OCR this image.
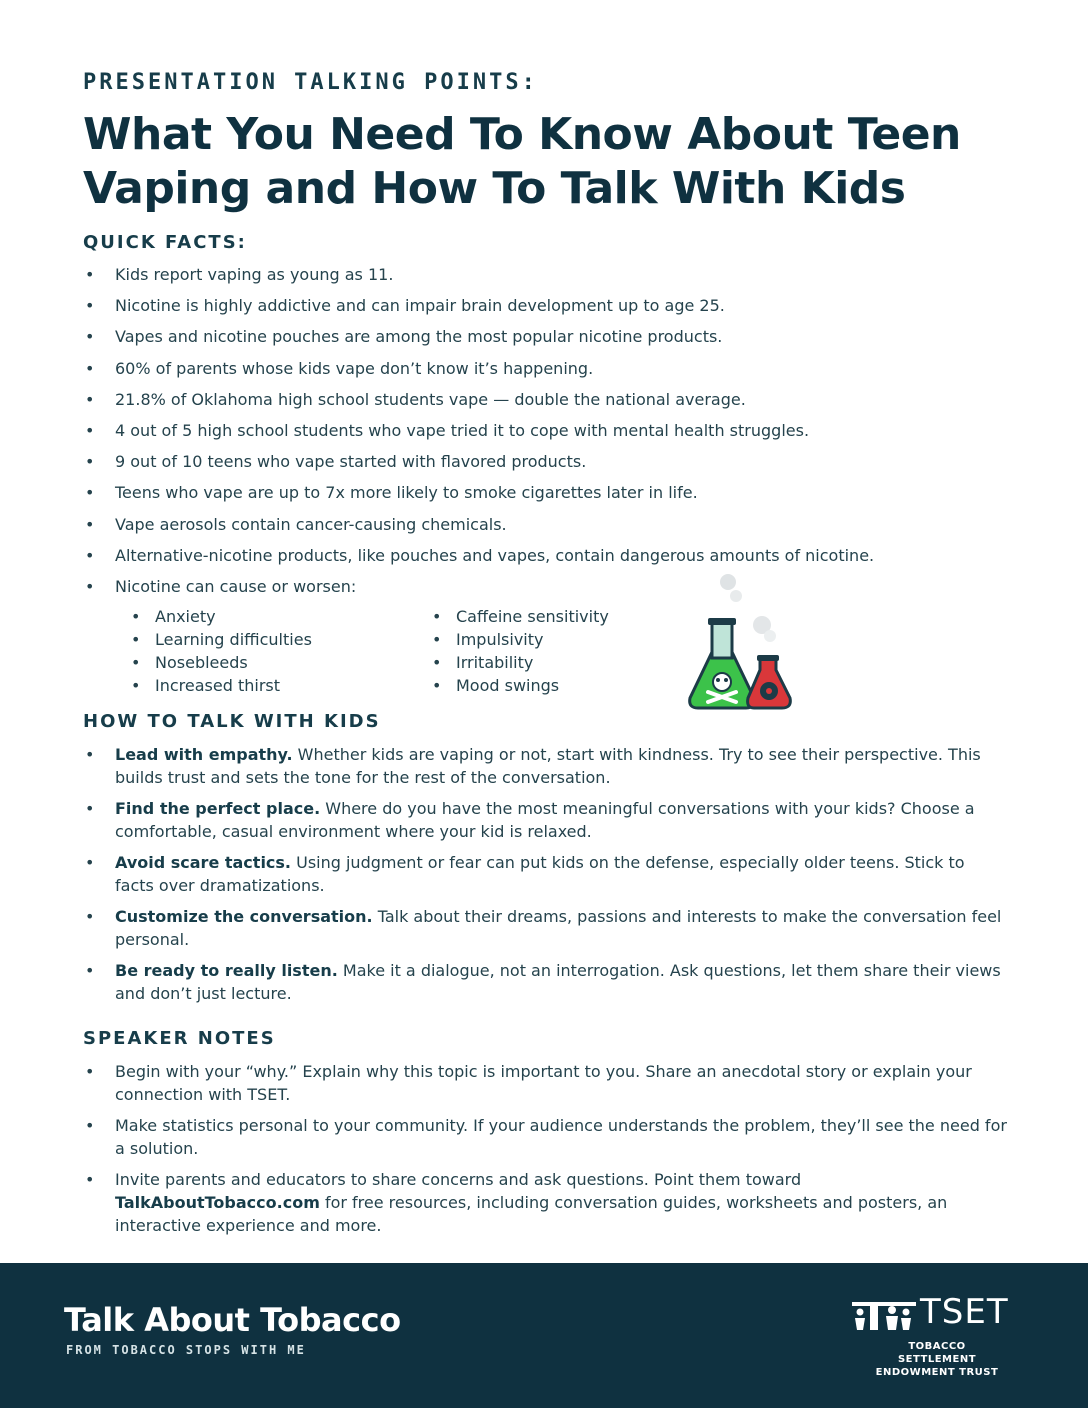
PRESENTATION TALKING POINTS:
What You Need To Know About Teen
Vaping and How To Talk With Kids
QUICK FACTS:
• Kids report vaping as young as 11.
• Nicotine is highly addictive and can impair brain development up to age 25.
• Vapes and nicotine pouches are among the most popular nicotine products.
• 60% of parents whose kids vape don’t know it’s happening.
• 21.8% of Oklahoma high school students vape — double the national average.
• 4 out of 5 high school students who vape tried it to cope with mental health struggles.
• 9 out of 10 teens who vape started with flavored products.
• Teens who vape are up to 7x more likely to smoke cigarettes later in life.
• Vape aerosols contain cancer-causing chemicals.
• Alternative-nicotine products, like pouches and vapes, contain dangerous amounts of nicotine.
• Nicotine can cause or worsen:
• Anxiety
• Learning difficulties
• Nosebleeds
• Increased thirst
• Caffeine sensitivity
• Impulsivity
• Irritability
• Mood swings
HOW TO TALK WITH KIDS
• Lead with empathy. Whether kids are vaping or not, start with kindness. Try to see their perspective. This builds trust and sets the tone for the rest of the conversation.
• Find the perfect place. Where do you have the most meaningful conversations with your kids? Choose a comfortable, casual environment where your kid is relaxed.
• Avoid scare tactics. Using judgment or fear can put kids on the defense, especially older teens. Stick to facts over dramatizations.
• Customize the conversation. Talk about their dreams, passions and interests to make the conversation feel personal.
• Be ready to really listen. Make it a dialogue, not an interrogation. Ask questions, let them share their views and don’t just lecture.
SPEAKER NOTES
• Begin with your “why.” Explain why this topic is important to you. Share an anecdotal story or explain your connection with TSET.
• Make statistics personal to your community. If your audience understands the problem, they’ll see the need for a solution.
• Invite parents and educators to share concerns and ask questions. Point them toward TalkAboutTobacco.com for free resources, including conversation guides, worksheets and posters, an interactive experience and more.
Talk About Tobacco
FROM TOBACCO STOPS WITH ME
TSET
TOBACCO SETTLEMENT
ENDOWMENT TRUST
